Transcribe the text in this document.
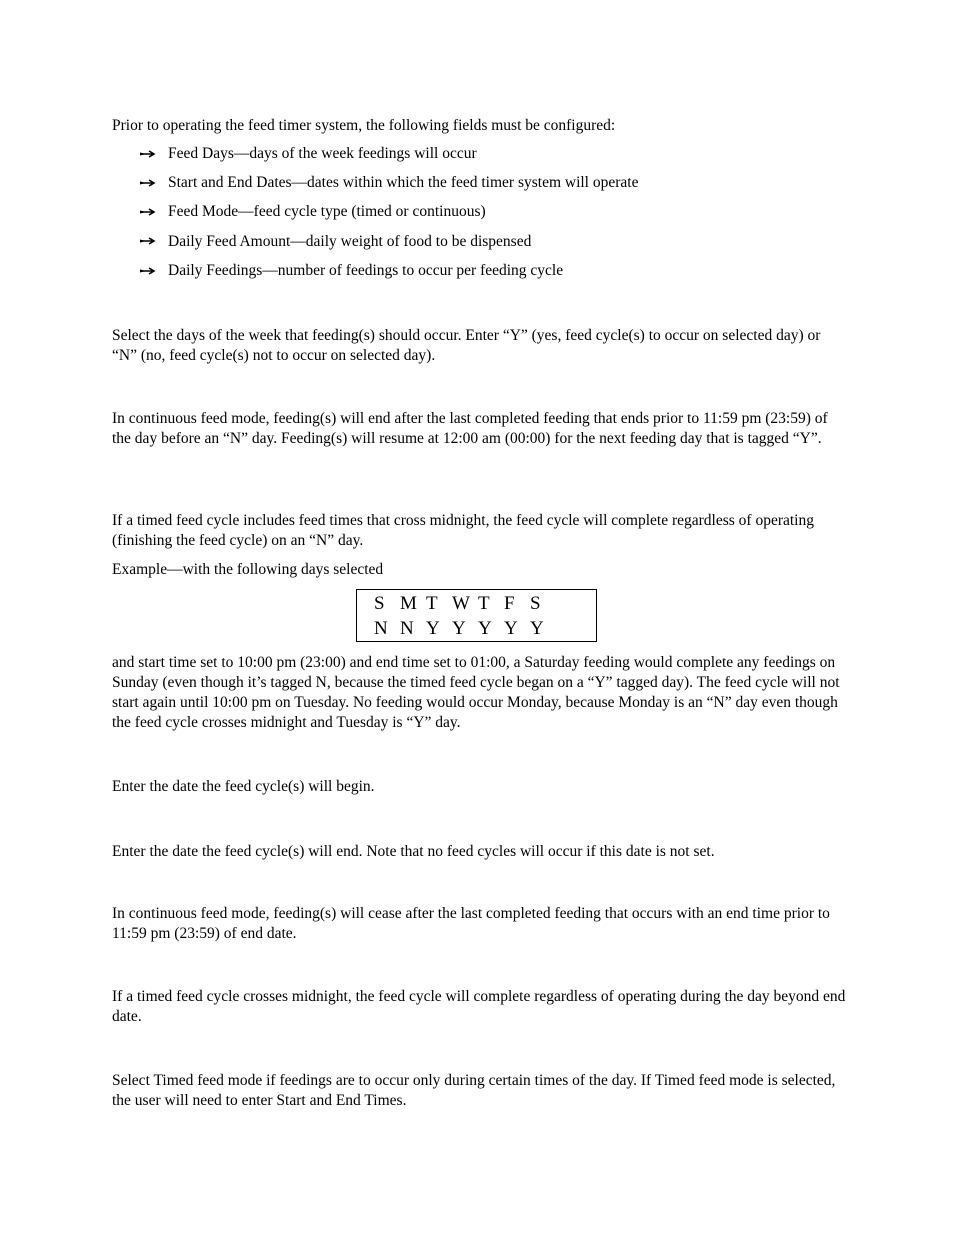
Prior to operating the feed timer system, the following fields must be configured:

Feed Days—days of the week feedings will occur
Start and End Dates—dates within which the feed timer system will operate
Feed Mode—feed cycle type (timed or continuous)
Daily Feed Amount—daily weight of food to be dispensed
Daily Feedings—number of feedings to occur per feeding cycle

Select the days of the week that feeding(s) should occur. Enter “Y” (yes, feed cycle(s) to occur on selected day) or “N” (no, feed cycle(s) not to occur on selected day).

In continuous feed mode, feeding(s) will end after the last completed feeding that ends prior to 11:59 pm (23:59) of the day before an “N” day. Feeding(s) will resume at 12:00 am (00:00) for the next feeding day that is tagged “Y”.

If a timed feed cycle includes feed times that cross midnight, the feed cycle will complete regardless of operating (finishing the feed cycle) on an “N” day.

Example—with the following days selected

S M T W T F S
N N Y Y Y Y Y

and start time set to 10:00 pm (23:00) and end time set to 01:00, a Saturday feeding would complete any feedings on Sunday (even though it’s tagged N, because the timed feed cycle began on a “Y” tagged day). The feed cycle will not start again until 10:00 pm on Tuesday. No feeding would occur Monday, because Monday is an “N” day even though the feed cycle crosses midnight and Tuesday is “Y” day.

Enter the date the feed cycle(s) will begin.

Enter the date the feed cycle(s) will end. Note that no feed cycles will occur if this date is not set.

In continuous feed mode, feeding(s) will cease after the last completed feeding that occurs with an end time prior to 11:59 pm (23:59) of end date.

If a timed feed cycle crosses midnight, the feed cycle will complete regardless of operating during the day beyond end date.

Select Timed feed mode if feedings are to occur only during certain times of the day. If Timed feed mode is selected, the user will need to enter Start and End Times.
